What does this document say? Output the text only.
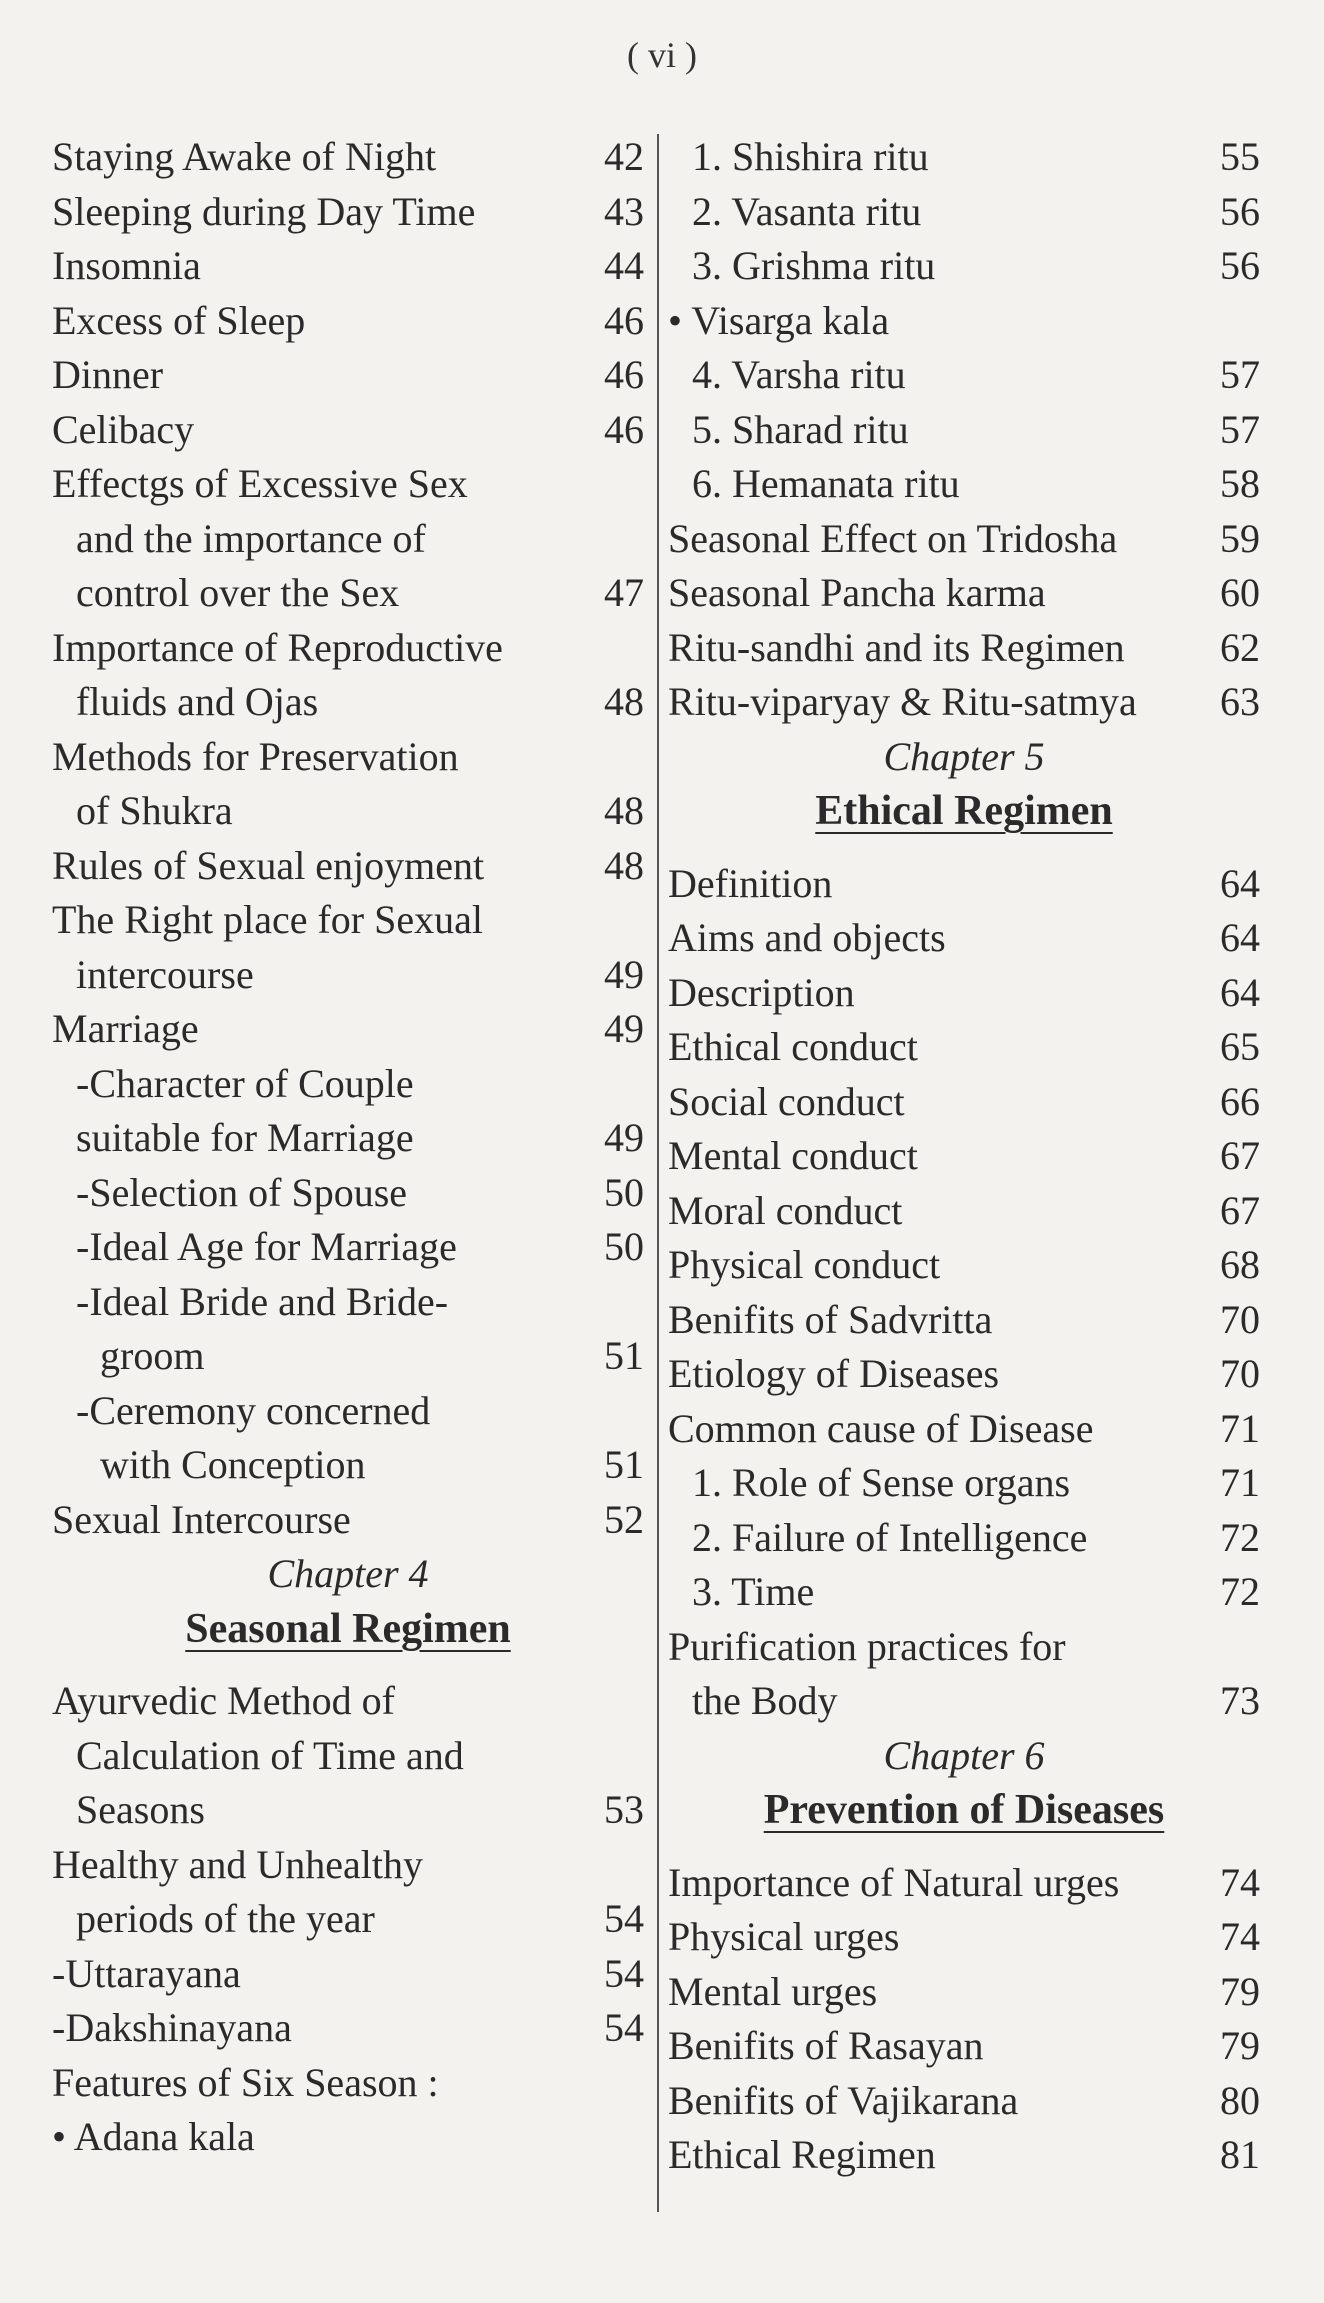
( vi )
Staying Awake of Night	42
Sleeping during Day Time	43
Insomnia	44
Excess of Sleep	46
Dinner	46
Celibacy	46
Effectgs of Excessive Sex
and the importance of
control over the Sex	47
Importance of Reproductive
fluids and Ojas	48
Methods for Preservation
of Shukra	48
Rules of Sexual enjoyment	48
The Right place for Sexual
intercourse	49
Marriage	49
-Character of Couple
suitable for Marriage	49
-Selection of Spouse	50
-Ideal Age for Marriage	50
-Ideal Bride and Bride-
groom	51
-Ceremony concerned
with Conception	51
Sexual Intercourse	52
Chapter 4
Seasonal Regimen
Ayurvedic Method of
Calculation of Time and
Seasons	53
Healthy and Unhealthy
periods of the year	54
-Uttarayana	54
-Dakshinayana	54
Features of Six Season :
• Adana kala
1. Shishira ritu	55
2. Vasanta ritu	56
3. Grishma ritu	56
• Visarga kala
4. Varsha ritu	57
5. Sharad ritu	57
6. Hemanata ritu	58
Seasonal Effect on Tridosha	59
Seasonal Pancha karma	60
Ritu-sandhi and its Regimen 62
Ritu-viparyay & Ritu-satmya 63
Chapter 5
Ethical Regimen
Definition	64
Aims and objects	64
Description	64
Ethical conduct	65
Social conduct	66
Mental conduct	67
Moral conduct	67
Physical conduct	68
Benifits of Sadvritta	70
Etiology of Diseases	70
Common cause of Disease	71
1. Role of Sense organs	71
2. Failure of Intelligence	72
3. Time	72
Purification practices for
the Body	73
Chapter 6
Prevention of Diseases
Importance of Natural urges	74
Physical urges	74
Mental urges	79
Benifits of Rasayan	79
Benifits of Vajikarana	80
Ethical Regimen	81
